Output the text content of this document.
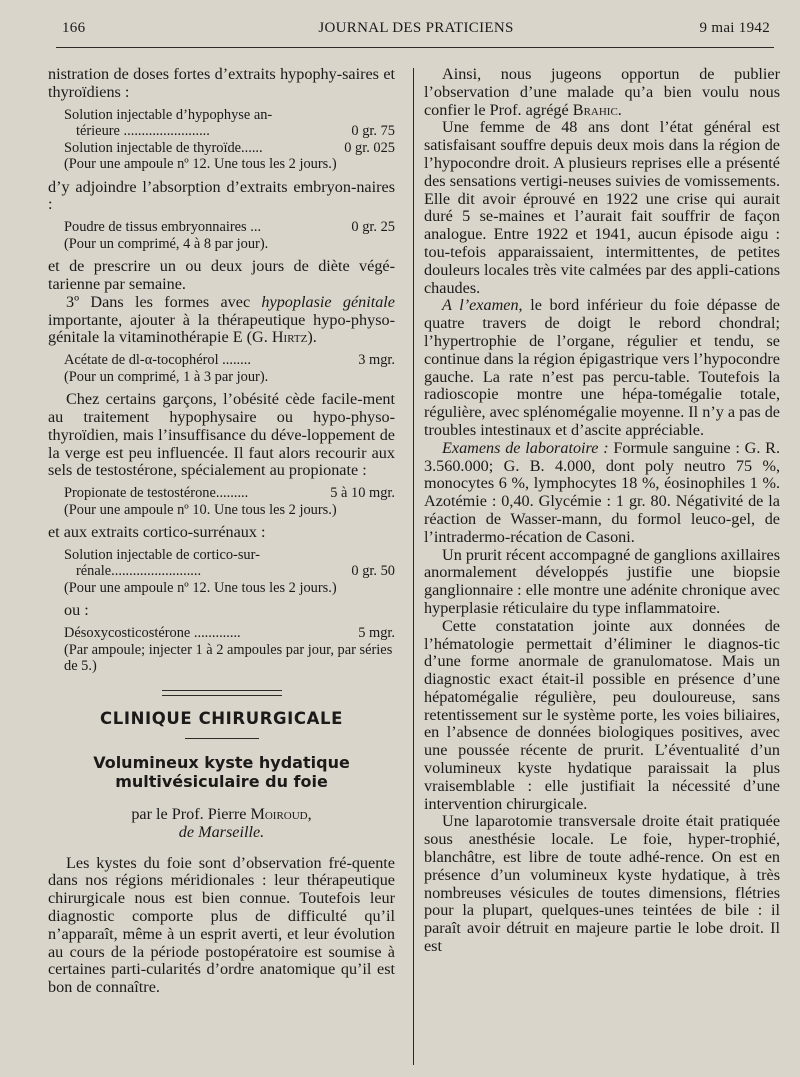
166	JOURNAL DES PRATICIENS	9 mai 1942

nistration de doses fortes d’extraits hypophy-saires et thyroïdiens :

Solution injectable d’hypophyse an-
térieure ........................	0 gr. 75
Solution injectable de thyroïde......	0 gr. 025

(Pour une ampoule nº 12. Une tous les 2 jours.)

d’y adjoindre l’absorption d’extraits embryon-naires :

Poudre de tissus embryonnaires ...	0 gr. 25

(Pour un comprimé, 4 à 8 par jour).

et de prescrire un ou deux jours de diète végé-tarienne par semaine.

3º Dans les formes avec hypoplasie génitale importante, ajouter à la thérapeutique hypo-physo-génitale la vitaminothérapie E (G. Hirtz).

Acétate de dl-α-tocophérol ........	3 mgr.

(Pour un comprimé, 1 à 3 par jour).

Chez certains garçons, l’obésité cède facile-ment au traitement hypophysaire ou hypo-physo-thyroïdien, mais l’insuffisance du déve-loppement de la verge est peu influencée. Il faut alors recourir aux sels de testostérone, spécialement au propionate :

Propionate de testostérone.........	5 à 10 mgr.

(Pour une ampoule nº 10. Une tous les 2 jours.)

et aux extraits cortico-surrénaux :

Solution injectable de cortico-sur-
rénale.........................	0 gr. 50

(Pour une ampoule nº 12. Une tous les 2 jours.)

ou :

Désoxycosticostérone .............	5 mgr.

(Par ampoule; injecter 1 à 2 ampoules par jour, par séries de 5.)

CLINIQUE CHIRURGICALE
Volumineux kyste hydatique
multivésiculaire du foie
par le Prof. Pierre Moiroud,
de Marseille.

Les kystes du foie sont d’observation fré-quente dans nos régions méridionales : leur thérapeutique chirurgicale nous est bien connue. Toutefois leur diagnostic comporte plus de difficulté qu’il n’apparaît, même à un esprit averti, et leur évolution au cours de la période postopératoire est soumise à certaines parti-cularités d’ordre anatomique qu’il est bon de connaître.

Ainsi, nous jugeons opportun de publier l’observation d’une malade qu’a bien voulu nous confier le Prof. agrégé Brahic.

Une femme de 48 ans dont l’état général est satisfaisant souffre depuis deux mois dans la région de l’hypocondre droit. A plusieurs reprises elle a présenté des sensations vertigi-neuses suivies de vomissements. Elle dit avoir éprouvé en 1922 une crise qui aurait duré 5 se-maines et l’aurait fait souffrir de façon analogue. Entre 1922 et 1941, aucun épisode aigu : tou-tefois apparaissaient, intermittentes, de petites douleurs locales très vite calmées par des appli-cations chaudes.

A l’examen, le bord inférieur du foie dépasse de quatre travers de doigt le rebord chondral; l’hypertrophie de l’organe, régulier et tendu, se continue dans la région épigastrique vers l’hypocondre gauche. La rate n’est pas percu-table. Toutefois la radioscopie montre une hépa-tomégalie totale, régulière, avec splénomégalie moyenne. Il n’y a pas de troubles intestinaux et d’ascite appréciable.

Examens de laboratoire : Formule sanguine : G. R. 3.560.000; G. B. 4.000, dont poly neutro 75 %, monocytes 6 %, lymphocytes 18 %, éosinophiles 1 %. Azotémie : 0,40. Glycémie : 1 gr. 80. Négativité de la réaction de Wasser-mann, du formol leuco-gel, de l’intradermo-récation de Casoni.

Un prurit récent accompagné de ganglions axillaires anormalement développés justifie une biopsie ganglionnaire : elle montre une adénite chronique avec hyperplasie réticulaire du type inflammatoire.

Cette constatation jointe aux données de l’hématologie permettait d’éliminer le diagnos-tic d’une forme anormale de granulomatose. Mais un diagnostic exact était-il possible en présence d’une hépatomégalie régulière, peu douloureuse, sans retentissement sur le système porte, les voies biliaires, en l’absence de données biologiques positives, avec une poussée récente de prurit. L’éventualité d’un volumineux kyste hydatique paraissait la plus vraisemblable : elle justifiait la nécessité d’une intervention chirurgicale.

Une laparotomie transversale droite était pratiquée sous anesthésie locale. Le foie, hyper-trophié, blanchâtre, est libre de toute adhé-rence. On est en présence d’un volumineux kyste hydatique, à très nombreuses vésicules de toutes dimensions, flétries pour la plupart, quelques-unes teintées de bile : il paraît avoir détruit en majeure partie le lobe droit. Il est
